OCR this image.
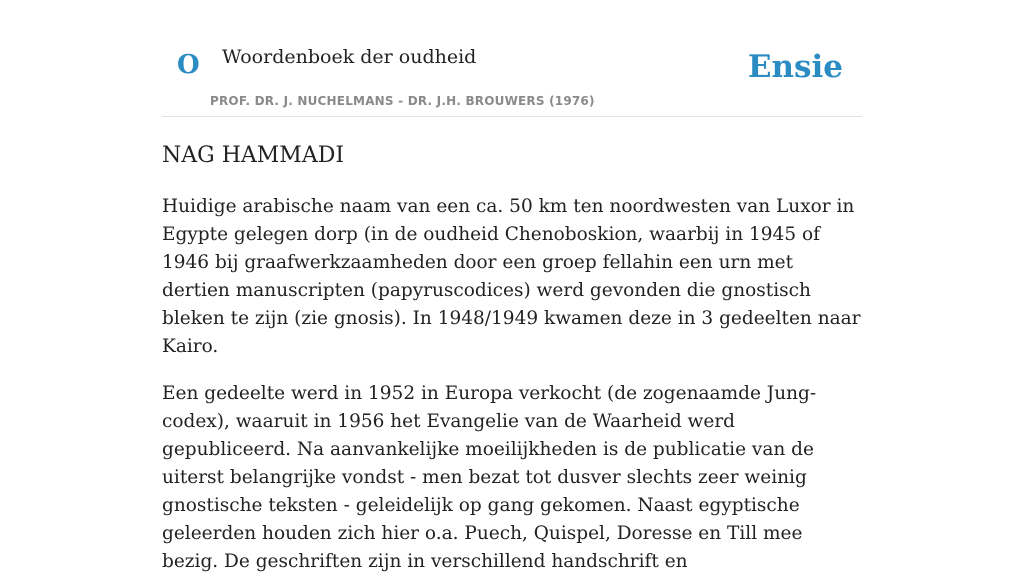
O Woordenboek der oudheid
PROF. DR. J. NUCHELMANS - DR. J.H. BROUWERS (1976)
Ensie
NAG HAMMADI

Huidige arabische naam van een ca. 50 km ten noordwesten van Luxor in Egypte gelegen dorp (in de oudheid Chenoboskion, waarbij in 1945 of 1946 bij graafwerkzaamheden door een groep fellahin een urn met dertien manuscripten (papyruscodices) werd gevonden die gnostisch bleken te zijn (zie gnosis). In 1948/1949 kwamen deze in 3 gedeelten naar Kairo.

Een gedeelte werd in 1952 in Europa verkocht (de zogenaamde Jung-codex), waaruit in 1956 het Evangelie van de Waarheid werd gepubliceerd. Na aanvankelijke moeilijkheden is de publicatie van de uiterst belangrijke vondst - men bezat tot dusver slechts zeer weinig gnostische teksten - geleidelijk op gang gekomen. Naast egyptische geleerden houden zich hier o.a. Puech, Quispel, Doresse en Till mee bezig. De geschriften zijn in verschillend handschrift en
